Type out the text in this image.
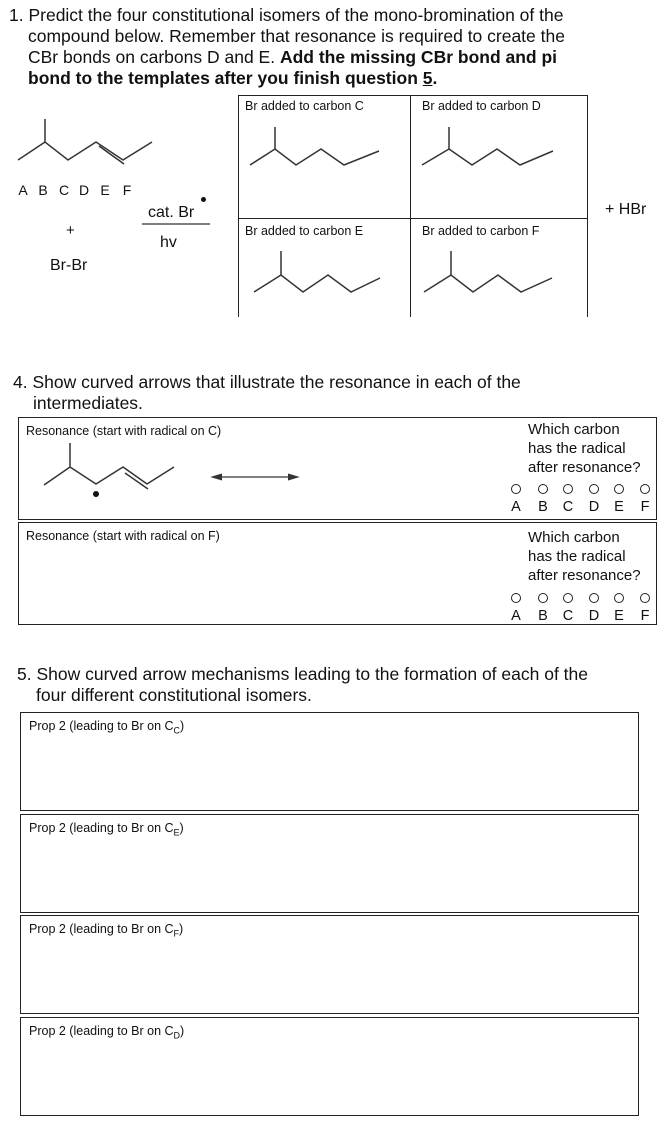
1. Predict the four constitutional isomers of the mono-bromination of the
compound below. Remember that resonance is required to create the
CBr bonds on carbons D and E. Add the missing CBr bond and pi
bond to the templates after you finish question 5.
A B C D E F
+
Br-Br
cat. Br
hv
Br added to carbon C	Br added to carbon D
Br added to carbon E	Br added to carbon F
+ HBr
4. Show curved arrows that illustrate the resonance in each of the
intermediates.
Resonance (start with radical on C)	Which carbon
has the radical
after resonance?
A B C D E F
Resonance (start with radical on F)	Which carbon
has the radical
after resonance?
A B C D E F
5. Show curved arrow mechanisms leading to the formation of each of the
four different constitutional isomers.
Prop 2 (leading to Br on $C_C$)
Prop 2 (leading to Br on $C_E$)
Prop 2 (leading to Br on $C_F$)
Prop 2 (leading to Br on $C_D$)
